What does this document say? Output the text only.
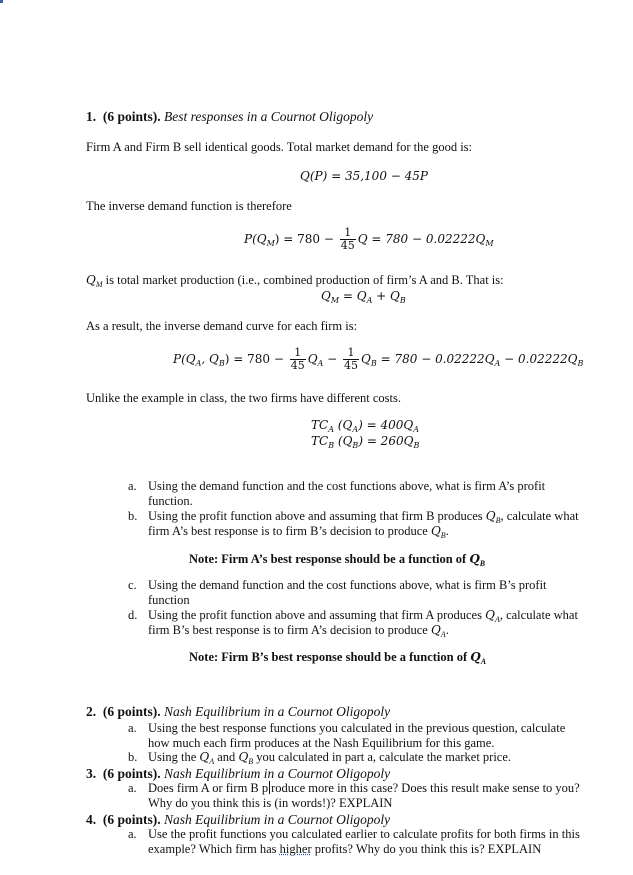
1. (6 points). Best responses in a Cournot Oligopoly
Firm A and Firm B sell identical goods. Total market demand for the good is:
Q(P) = 35,100 − 45P
The inverse demand function is therefore
$P(Q_M) = 780 - \frac{1}{45}$ $Q = 780 - 0.02222Q_M$
$Q_M$ is total market production (i.e., combined production of firm’s A and B. That is:
$Q_M = Q_A + Q_B$
As a result, the inverse demand curve for each firm is:
$P(Q_A$, $Q_B) = 780 - \frac{1}{45} Q_A - \frac{1}{45} Q_B = 780 - 0.02222Q_A - 0.02222Q_B$
Unlike the example in class, the two firms have different costs.
$TC_A$ $(Q_A) = 400Q_A$
$TC_B$ $(Q_B) = 260Q_B$
a. Using the demand function and the cost functions above, what is firm A’s profit
function.
b. Using the profit function above and assuming that firm B produces $Q_B$, calculate what
firm A’s best response is to firm B’s decision to produce $Q_B$.
Note: Firm A’s best response should be a function of $Q_B$
c. Using the demand function and the cost functions above, what is firm B’s profit
function
d. Using the profit function above and assuming that firm A produces $Q_A$, calculate what
firm B’s best response is to firm A’s decision to produce $Q_A$.
Note: Firm B’s best response should be a function of $Q_A$
2. (6 points). Nash Equilibrium in a Cournot Oligopoly
a. Using the best response functions you calculated in the previous question, calculate
how much each firm produces at the Nash Equilibrium for this game.
b. Using the $Q_A$ and $Q_B$ you calculated in part a, calculate the market price.
3. (6 points). Nash Equilibrium in a Cournot Oligopoly
a. Does firm A or firm B p roduce more in this case? Does this result make sense to you?
Why do you think this is (in words!)? EXPLAIN
4. (6 points). Nash Equilibrium in a Cournot Oligopoly
a. Use the profit functions you calculated earlier to calculate profits for both firms in this
example? Which firm has higher profits? Why do you think this is? EXPLAIN
